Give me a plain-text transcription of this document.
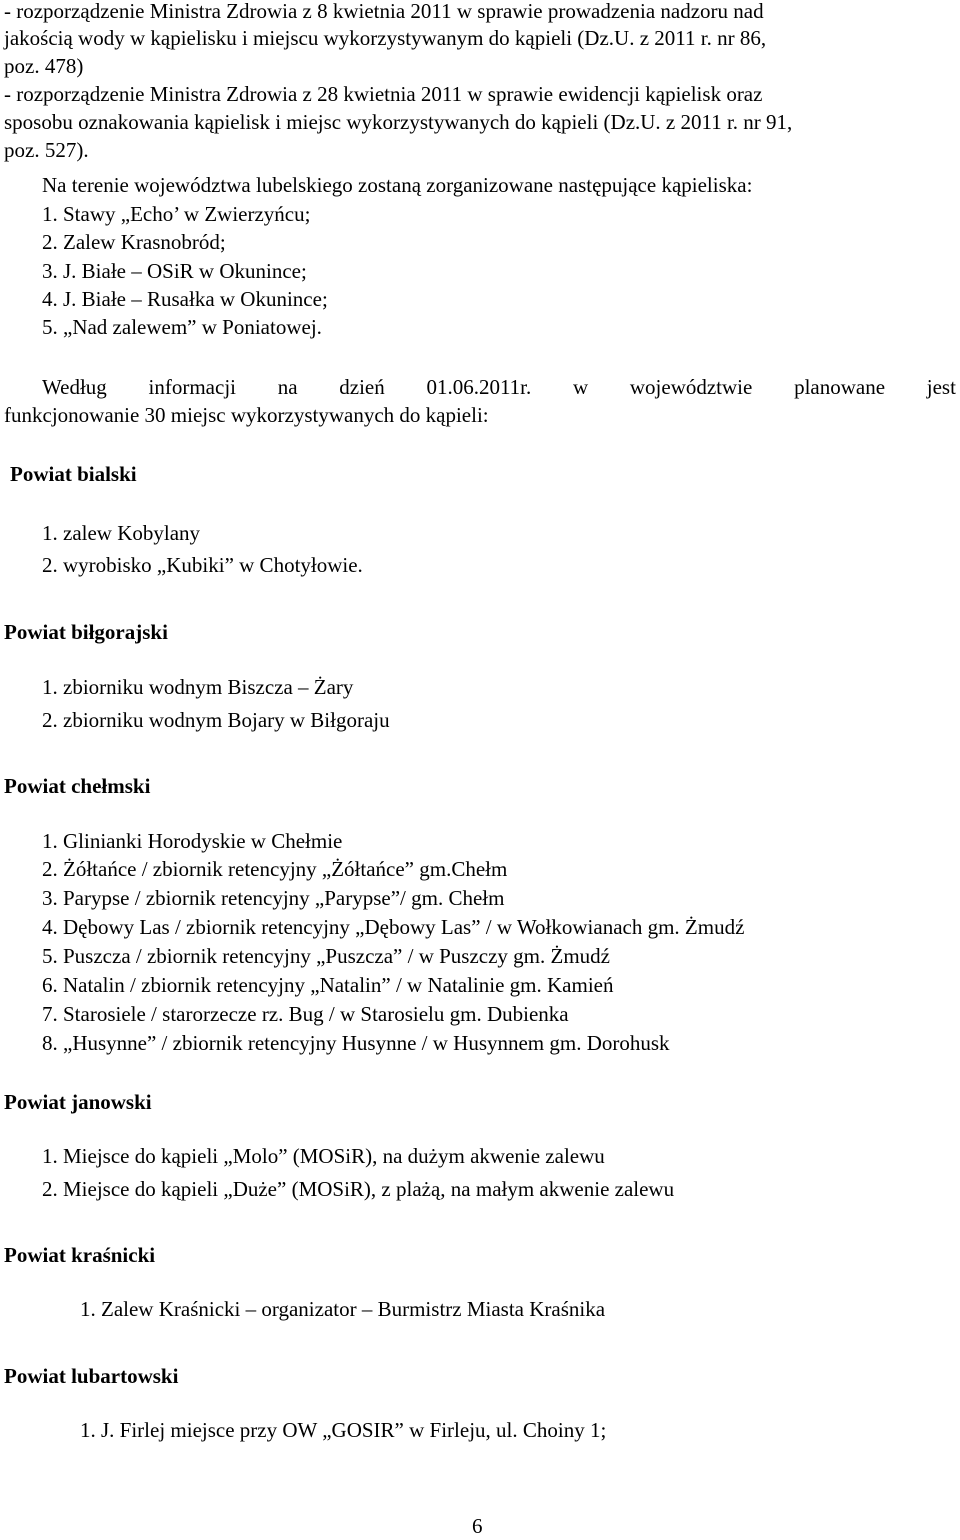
- rozporządzenie Ministra Zdrowia z 8 kwietnia 2011 w sprawie prowadzenia nadzoru nad
jakością wody w kąpielisku i miejscu wykorzystywanym do kąpieli (Dz.U. z 2011 r. nr 86,
poz. 478)
- rozporządzenie Ministra Zdrowia z 28 kwietnia 2011 w sprawie ewidencji kąpielisk oraz
sposobu oznakowania kąpielisk i miejsc wykorzystywanych do kąpieli (Dz.U. z 2011 r. nr 91,
poz. 527).
Na terenie województwa lubelskiego zostaną zorganizowane następujące kąpieliska:
1. Stawy „Echo’ w Zwierzyńcu;
2. Zalew Krasnobród;
3. J. Białe – OSiR w Okunince;
4. J. Białe – Rusałka w Okunince;
5. „Nad zalewem” w Poniatowej.
Według informacji na dzień 01.06.2011r. w województwie planowane jest
funkcjonowanie 30 miejsc wykorzystywanych do kąpieli:
Powiat bialski
1. zalew Kobylany
2. wyrobisko „Kubiki” w Chotyłowie.
Powiat biłgorajski
1. zbiorniku wodnym Biszcza – Żary
2. zbiorniku wodnym Bojary w Biłgoraju
Powiat chełmski
1. Glinianki Horodyskie w Chełmie
2. Żółtańce / zbiornik retencyjny „Żółtańce” gm.Chełm
3. Parypse / zbiornik retencyjny „Parypse”/ gm. Chełm
4. Dębowy Las / zbiornik retencyjny „Dębowy Las” / w Wołkowianach gm. Żmudź
5. Puszcza / zbiornik retencyjny „Puszcza” / w Puszczy gm. Żmudź
6. Natalin / zbiornik retencyjny „Natalin” / w Natalinie gm. Kamień
7. Starosiele / starorzecze rz. Bug / w Starosielu gm. Dubienka
8. „Husynne” / zbiornik retencyjny Husynne / w Husynnem gm. Dorohusk
Powiat janowski
1. Miejsce do kąpieli „Molo” (MOSiR), na dużym akwenie zalewu
2. Miejsce do kąpieli „Duże” (MOSiR), z plażą, na małym akwenie zalewu
Powiat kraśnicki
1. Zalew Kraśnicki – organizator – Burmistrz Miasta Kraśnika
Powiat lubartowski
1. J. Firlej miejsce przy OW „GOSIR” w Firleju, ul. Choiny 1;
6
